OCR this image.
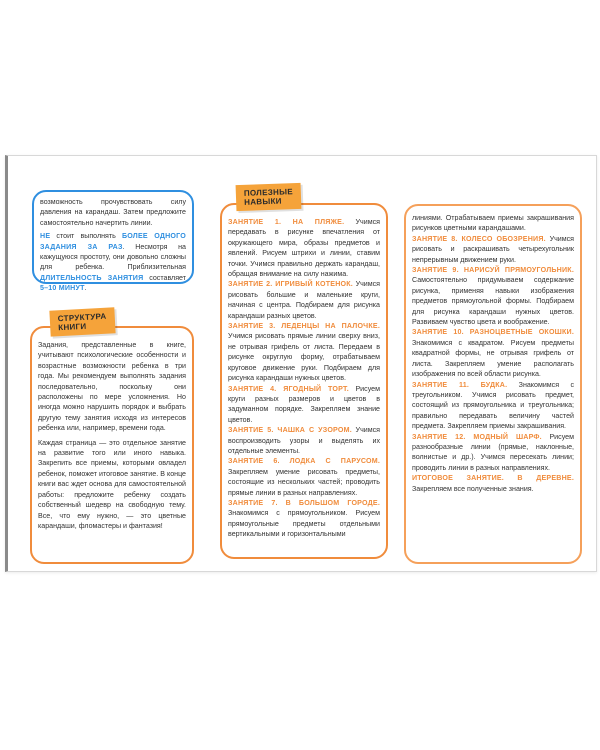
возможность прочувствовать силу давления на карандаш. Затем предложите самостоятельно начертить линии.

НЕ стоит выполнять БОЛЕЕ ОДНОГО ЗАДАНИЯ ЗА РАЗ. Несмотря на кажущуюся простоту, они довольно сложны для ребенка. Приблизительная ДЛИТЕЛЬНОСТЬ ЗАНЯТИЯ составляет 5–10 МИНУТ.

Задания, представленные в книге, учитывают психологические особенности и возрастные возможности ребенка в три года. Мы рекомендуем выполнять задания последовательно, поскольку они расположены по мере усложнения. Но иногда можно нарушить порядок и выбрать другую тему занятия исходя из интересов ребенка или, например, времени года.

Каждая страница — это отдельное занятие на развитие того или иного навыка. Закрепить все приемы, которыми овладел ребенок, поможет итоговое занятие. В конце книги вас ждет основа для самостоятельной работы: предложите ребенку создать собственный шедевр на свободную тему. Все, что ему нужно, — это цветные карандаши, фломастеры и фантазия!

СТРУКТУРА
КНИГИ

ЗАНЯТИЕ 1. НА ПЛЯЖЕ. Учимся передавать в рисунке впечатления от окружающего мира, образы предметов и явлений. Рисуем штрихи и линии, ставим точки. Учимся правильно держать карандаш, обращая внимание на силу нажима.

ЗАНЯТИЕ 2. ИГРИВЫЙ КОТЕНОК. Учимся рисовать большие и маленькие круги, начиная с центра. Подбираем для рисунка карандаши разных цветов.

ЗАНЯТИЕ 3. ЛЕДЕНЦЫ НА ПАЛОЧКЕ. Учимся рисовать прямые линии сверху вниз, не отрывая грифель от листа. Передаем в рисунке округлую форму, отрабатываем круговое движение руки. Подбираем для рисунка карандаши нужных цветов.

ЗАНЯТИЕ 4. ЯГОДНЫЙ ТОРТ. Рисуем круги разных размеров и цветов в задуманном порядке. Закрепляем знание цветов.

ЗАНЯТИЕ 5. ЧАШКА С УЗОРОМ. Учимся воспроизводить узоры и выделять их отдельные элементы.

ЗАНЯТИЕ 6. ЛОДКА С ПАРУСОМ. Закрепляем умение рисовать предметы, состоящие из нескольких частей; проводить прямые линии в разных направлениях.

ЗАНЯТИЕ 7. В БОЛЬШОМ ГОРОДЕ. Знакомимся с прямоугольником. Рисуем прямоугольные предметы отдельными вертикальными и горизонтальными

ПОЛЕЗНЫЕ
НАВЫКИ

линиями. Отрабатываем приемы закрашивания рисунков цветными карандашами.

ЗАНЯТИЕ 8. КОЛЕСО ОБОЗРЕНИЯ. Учимся рисовать и раскрашивать четырехугольник непрерывным движением руки.

ЗАНЯТИЕ 9. НАРИСУЙ ПРЯМОУГОЛЬНИК. Самостоятельно придумываем содержание рисунка, применяя навыки изображения предметов прямоугольной формы. Подбираем для рисунка карандаши нужных цветов. Развиваем чувство цвета и воображение.

ЗАНЯТИЕ 10. РАЗНОЦВЕТНЫЕ ОКОШКИ. Знакомимся с квадратом. Рисуем предметы квадратной формы, не отрывая грифель от листа. Закрепляем умение располагать изображения по всей области рисунка.

ЗАНЯТИЕ 11. БУДКА. Знакомимся с треугольником. Учимся рисовать предмет, состоящий из прямоугольника и треугольника; правильно передавать величину частей предмета. Закрепляем приемы закрашивания.

ЗАНЯТИЕ 12. МОДНЫЙ ШАРФ. Рисуем разнообразные линии (прямые, наклонные, волнистые и др.). Учимся пересекать линии; проводить линии в разных направлениях.

ИТОГОВОЕ ЗАНЯТИЕ. В ДЕРЕВНЕ. Закрепляем все полученные знания.
